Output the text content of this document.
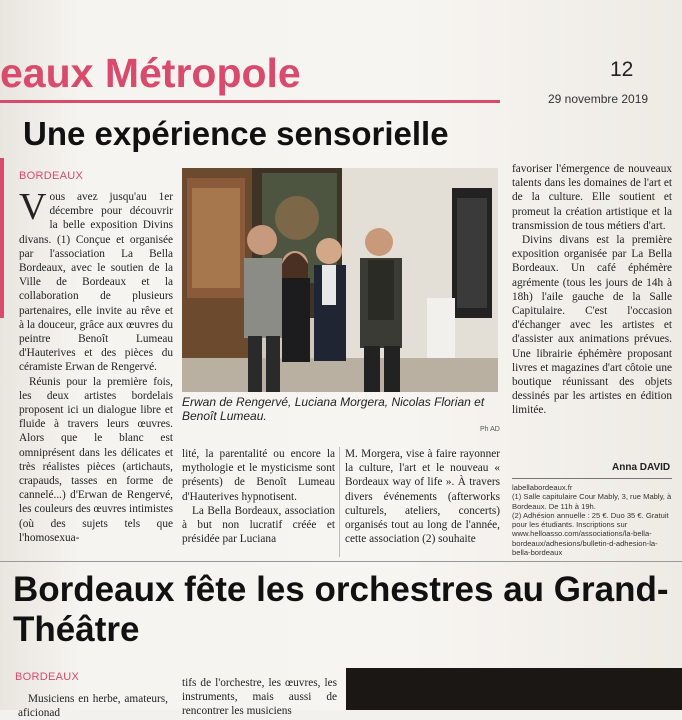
eaux Métropole	12
29 novembre 2019
Une expérience sensorielle
BORDEAUX

Vous avez jusqu'au 1er décembre pour découvrir la belle exposition Divins divans. (1) Conçue et organisée par l'association La Bella Bordeaux, avec le soutien de la Ville de Bordeaux et la collaboration de plusieurs partenaires, elle invite au rêve et à la douceur, grâce aux œuvres du peintre Benoît Lumeau d'Hauterives et des pièces du céramiste Erwan de Rengervé.

Réunis pour la première fois, les deux artistes bordelais proposent ici un dialogue libre et fluide à travers leurs œuvres. Alors que le blanc est omniprésent dans les délicates et très réalistes pièces (artichauts, crapauds, tasses en forme de cannelé...) d'Erwan de Rengervé, les couleurs des œuvres intimistes (où des sujets tels que l'homosexua-

Erwan de Rengervé, Luciana Morgera, Nicolas Florian et Benoît Lumeau.
Ph AD

lité, la parentalité ou encore la mythologie et le mysticisme sont présents) de Benoît Lumeau d'Hauterives hypnotisent.

La Bella Bordeaux, association à but non lucratif créée et présidée par Luciana

M. Morgera, vise à faire rayonner la culture, l'art et le nouveau « Bordeaux way of life ». À travers divers événements (afterworks culturels, ateliers, concerts) organisés tout au long de l'année, cette association (2) souhaite

favoriser l'émergence de nouveaux talents dans les domaines de l'art et de la culture. Elle soutient et promeut la création artistique et la transmission de tous métiers d'art.

Divins divans est la première exposition organisée par La Bella Bordeaux. Un café éphémère agrémente (tous les jours de 14h à 18h) l'aile gauche de la Salle Capitulaire. C'est l'occasion d'échanger avec les artistes et d'assister aux animations prévues. Une librairie éphémère proposant livres et magazines d'art côtoie une boutique réunissant des objets dessinés par les artistes en édition limitée.

Anna DAVID
labellabordeaux.fr
(1) Salle capitulaire Cour Mably, 3, rue Mably, à Bordeaux. De 11h à 19h.
(2) Adhésion annuelle : 25 €. Duo 35 €. Gratuit pour les étudiants. Inscriptions sur www.helloasso.com/associations/la-bella-bordeaux/adhesions/bulletin-d-adhesion-la-bella-bordeaux
Bordeaux fête les orchestres au Grand-Théâtre
BORDEAUX

Musiciens en herbe, amateurs, aficionad

tifs de l'orchestre, les œuvres, les instruments, mais aussi de rencontrer les musiciens
